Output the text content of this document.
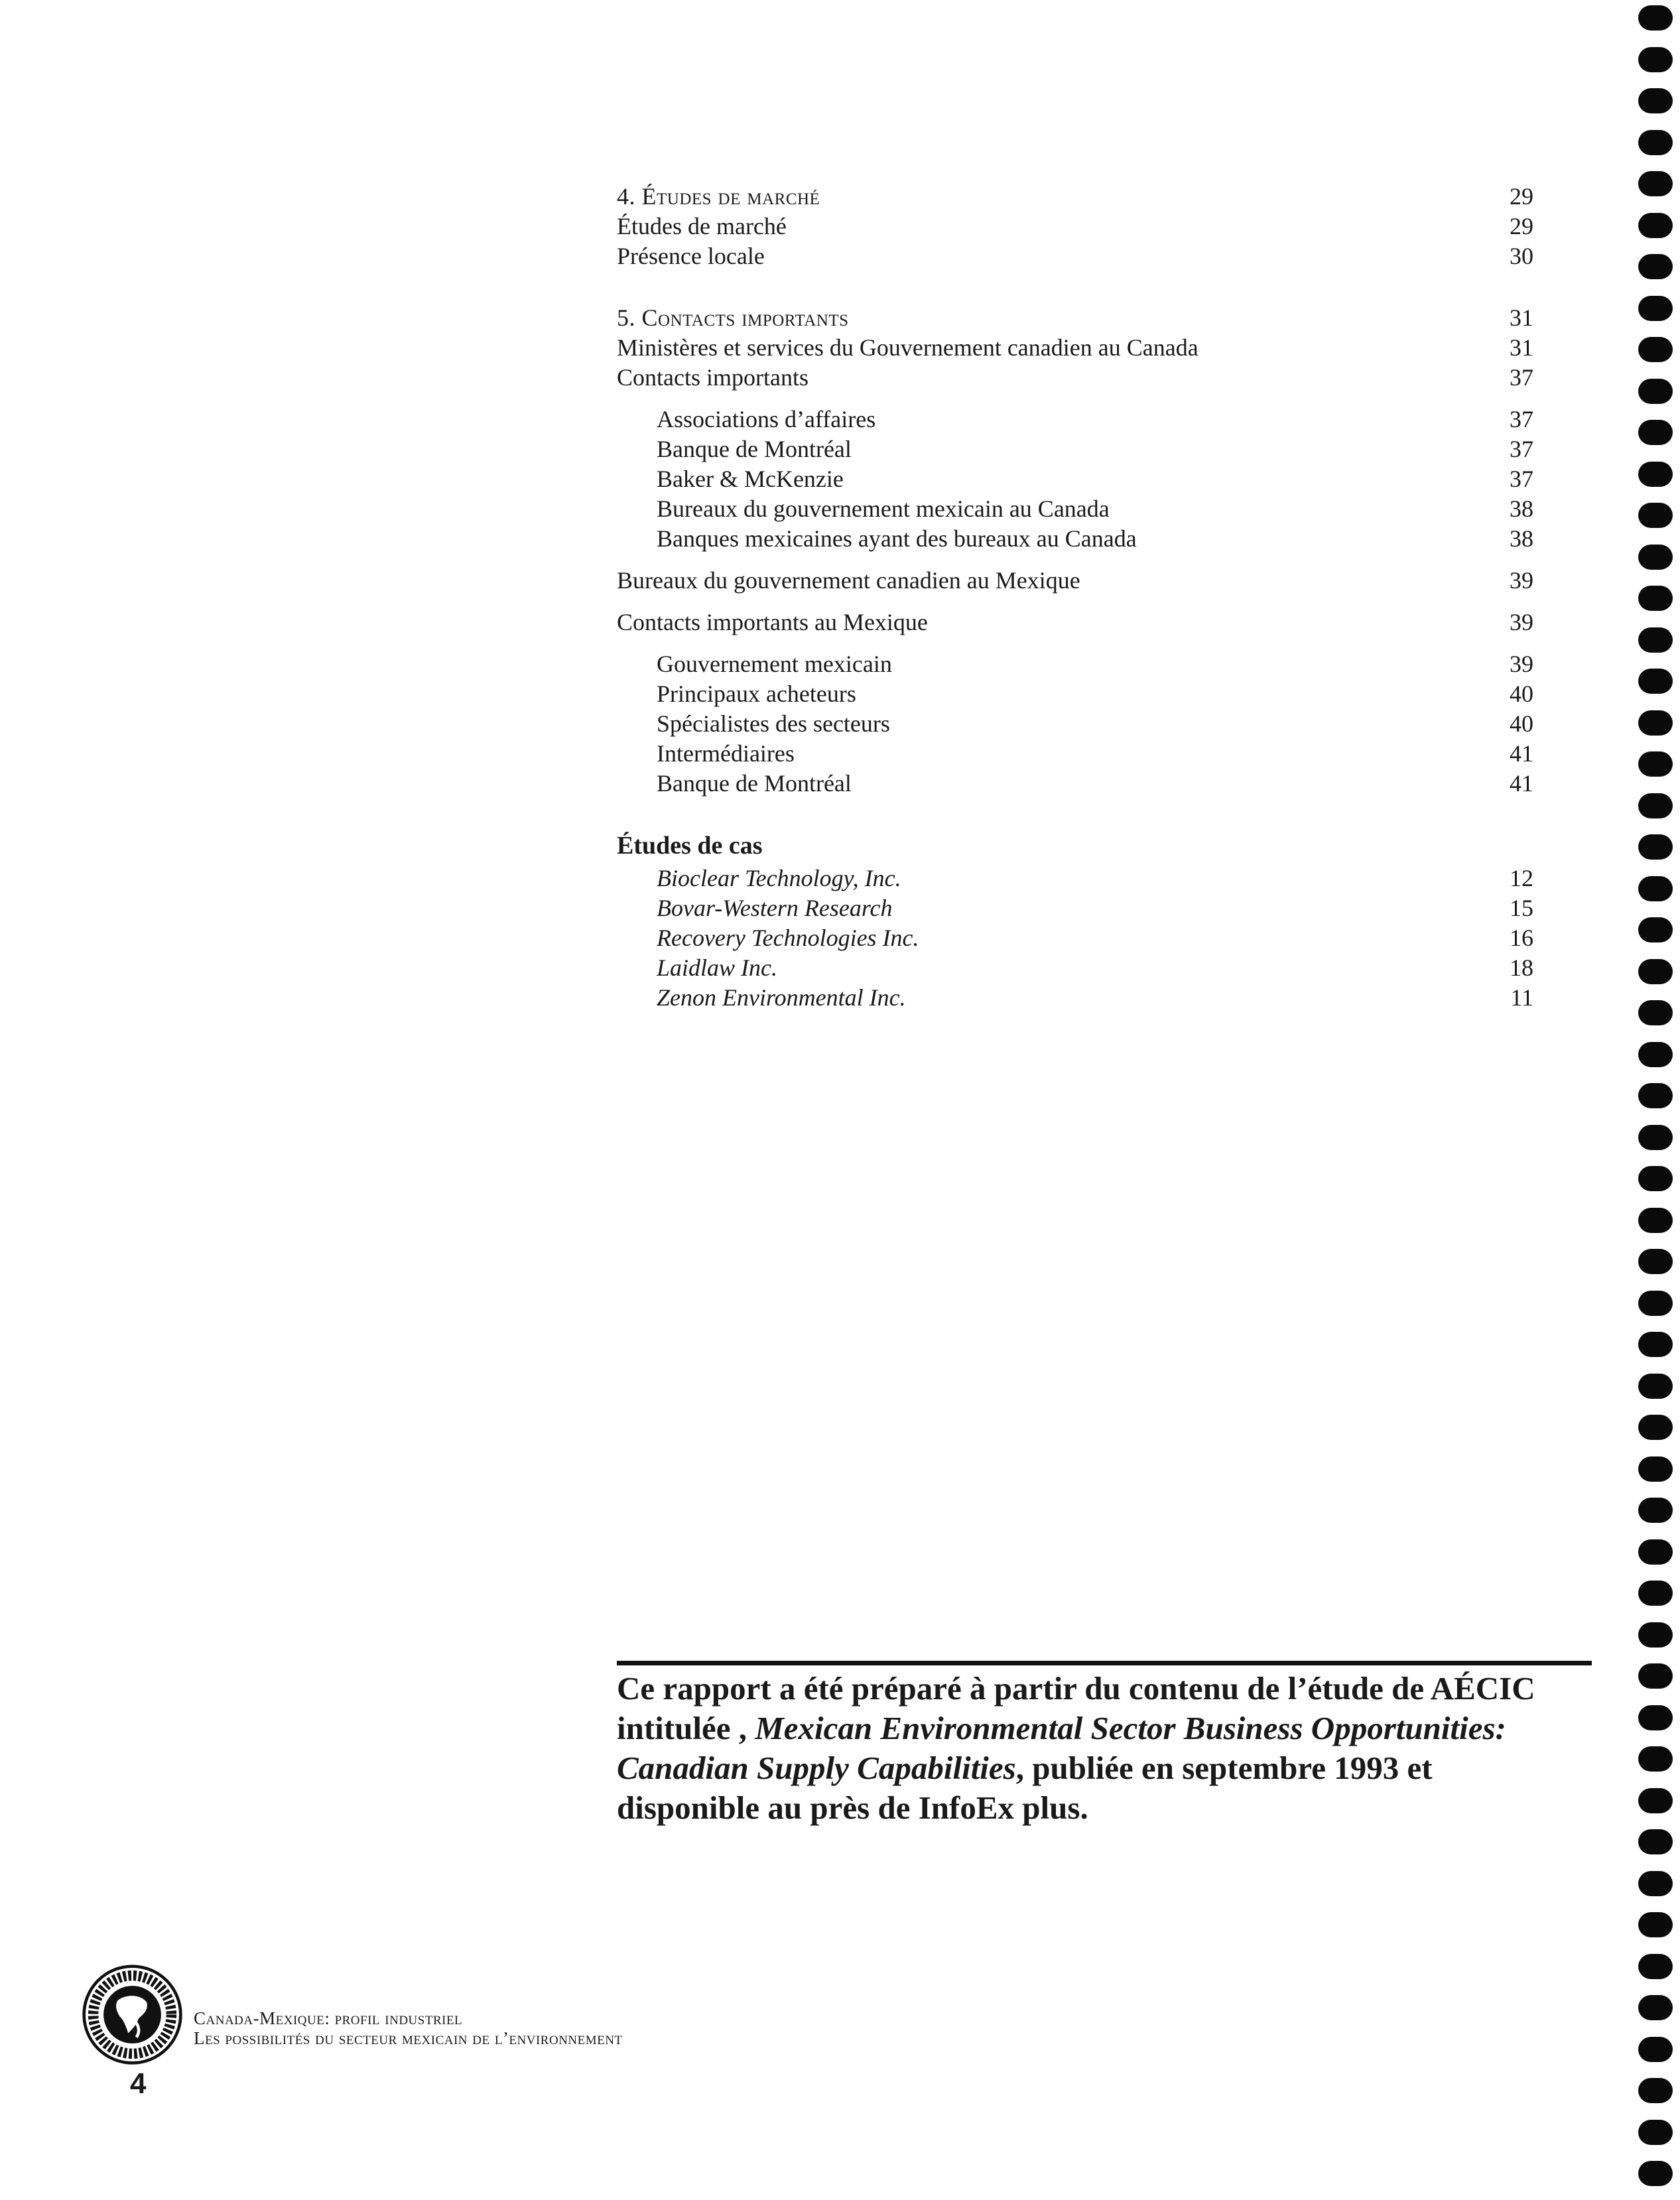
4. Études de marché	29
Études de marché	29
Présence locale	30
5. Contacts importants	31
Ministères et services du Gouvernement canadien au Canada	31
Contacts importants	37
Associations d’affaires	37
Banque de Montréal	37
Baker & McKenzie	37
Bureaux du gouvernement mexicain au Canada	38
Banques mexicaines ayant des bureaux au Canada	38
Bureaux du gouvernement canadien au Mexique	39
Contacts importants au Mexique	39
Gouvernement mexicain	39
Principaux acheteurs	40
Spécialistes des secteurs	40
Intermédiaires	41
Banque de Montréal	41
Études de cas
Bioclear Technology, Inc.	12
Bovar-Western Research	15
Recovery Technologies Inc.	16
Laidlaw Inc.	18
Zenon Environmental Inc.	11
Ce rapport a été préparé à partir du contenu de l’étude de AÉCIC intitulée , Mexican Environmental Sector Business Opportunities: Canadian Supply Capabilities, publiée en septembre 1993 et disponible au près de InfoEx plus.
Canada-Mexique: profil industriel
Les possibilités du secteur mexicain de l’environnement
4
